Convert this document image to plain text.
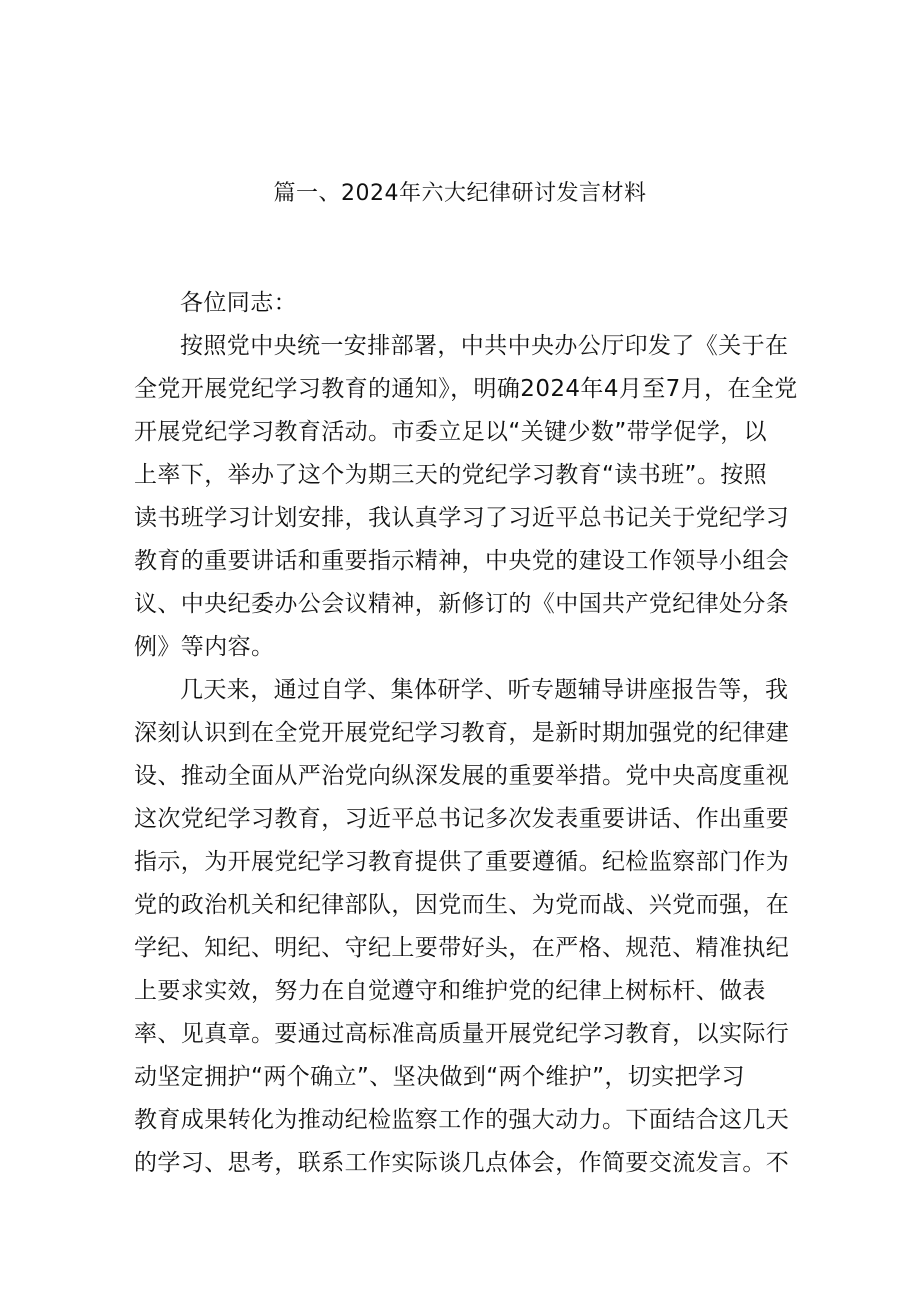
篇一、2024年六大纪律研讨发言材料
各位同志：
按照党中央统一安排部署，中共中央办公厅印发了《关于在
全党开展党纪学习教育的通知》，明确2024年4月至7月，在全党
开展党纪学习教育活动。市委立足以“关键少数”带学促学，以
上率下，举办了这个为期三天的党纪学习教育“读书班”。按照
读书班学习计划安排，我认真学习了习近平总书记关于党纪学习
教育的重要讲话和重要指示精神，中央党的建设工作领导小组会
议、中央纪委办公会议精神，新修订的《中国共产党纪律处分条
例》等内容。
几天来，通过自学、集体研学、听专题辅导讲座报告等，我
深刻认识到在全党开展党纪学习教育，是新时期加强党的纪律建
设、推动全面从严治党向纵深发展的重要举措。党中央高度重视
这次党纪学习教育，习近平总书记多次发表重要讲话、作出重要
指示，为开展党纪学习教育提供了重要遵循。纪检监察部门作为
党的政治机关和纪律部队，因党而生、为党而战、兴党而强，在
学纪、知纪、明纪、守纪上要带好头，在严格、规范、精准执纪
上要求实效，努力在自觉遵守和维护党的纪律上树标杆、做表
率、见真章。要通过高标准高质量开展党纪学习教育，以实际行
动坚定拥护“两个确立”、坚决做到“两个维护”，切实把学习
教育成果转化为推动纪检监察工作的强大动力。下面结合这几天
的学习、思考，联系工作实际谈几点体会，作简要交流发言。不
